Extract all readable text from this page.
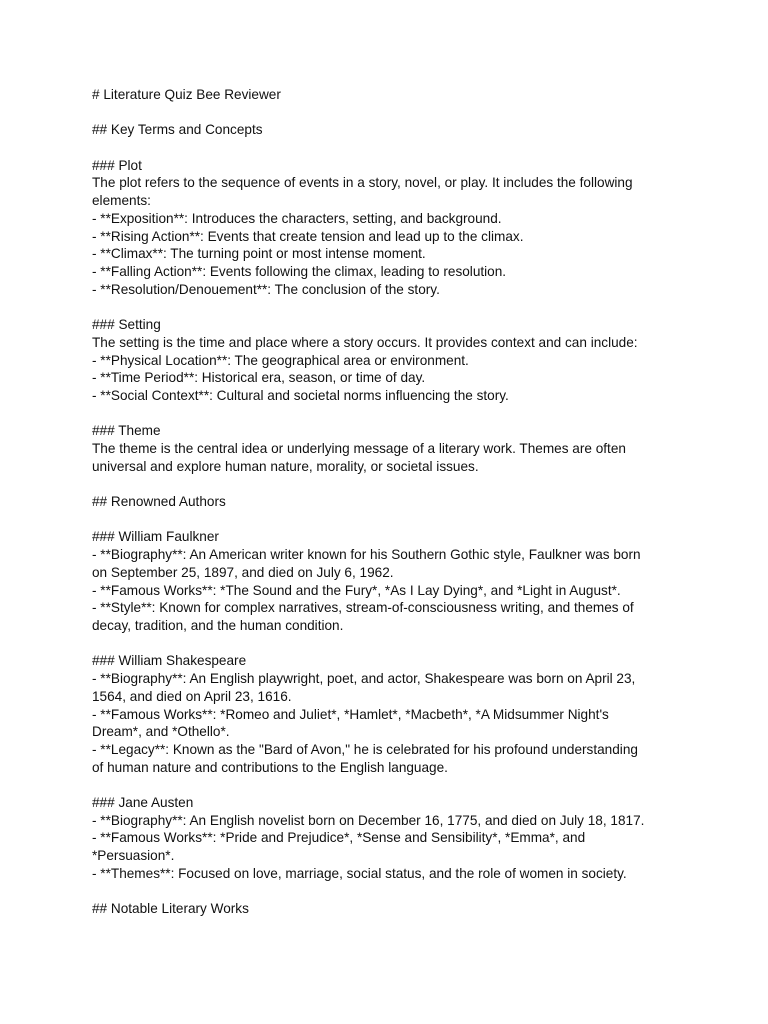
# Literature Quiz Bee Reviewer
## Key Terms and Concepts
### Plot
The plot refers to the sequence of events in a story, novel, or play. It includes the following
elements:
- **Exposition**: Introduces the characters, setting, and background.
- **Rising Action**: Events that create tension and lead up to the climax.
- **Climax**: The turning point or most intense moment.
- **Falling Action**: Events following the climax, leading to resolution.
- **Resolution/Denouement**: The conclusion of the story.
### Setting
The setting is the time and place where a story occurs. It provides context and can include:
- **Physical Location**: The geographical area or environment.
- **Time Period**: Historical era, season, or time of day.
- **Social Context**: Cultural and societal norms influencing the story.
### Theme
The theme is the central idea or underlying message of a literary work. Themes are often
universal and explore human nature, morality, or societal issues.
## Renowned Authors
### William Faulkner
- **Biography**: An American writer known for his Southern Gothic style, Faulkner was born
on September 25, 1897, and died on July 6, 1962.
- **Famous Works**: *The Sound and the Fury*, *As I Lay Dying*, and *Light in August*.
- **Style**: Known for complex narratives, stream-of-consciousness writing, and themes of
decay, tradition, and the human condition.
### William Shakespeare
- **Biography**: An English playwright, poet, and actor, Shakespeare was born on April 23,
1564, and died on April 23, 1616.
- **Famous Works**: *Romeo and Juliet*, *Hamlet*, *Macbeth*, *A Midsummer Night's
Dream*, and *Othello*.
- **Legacy**: Known as the "Bard of Avon," he is celebrated for his profound understanding
of human nature and contributions to the English language.
### Jane Austen
- **Biography**: An English novelist born on December 16, 1775, and died on July 18, 1817.
- **Famous Works**: *Pride and Prejudice*, *Sense and Sensibility*, *Emma*, and
*Persuasion*.
- **Themes**: Focused on love, marriage, social status, and the role of women in society.
## Notable Literary Works
